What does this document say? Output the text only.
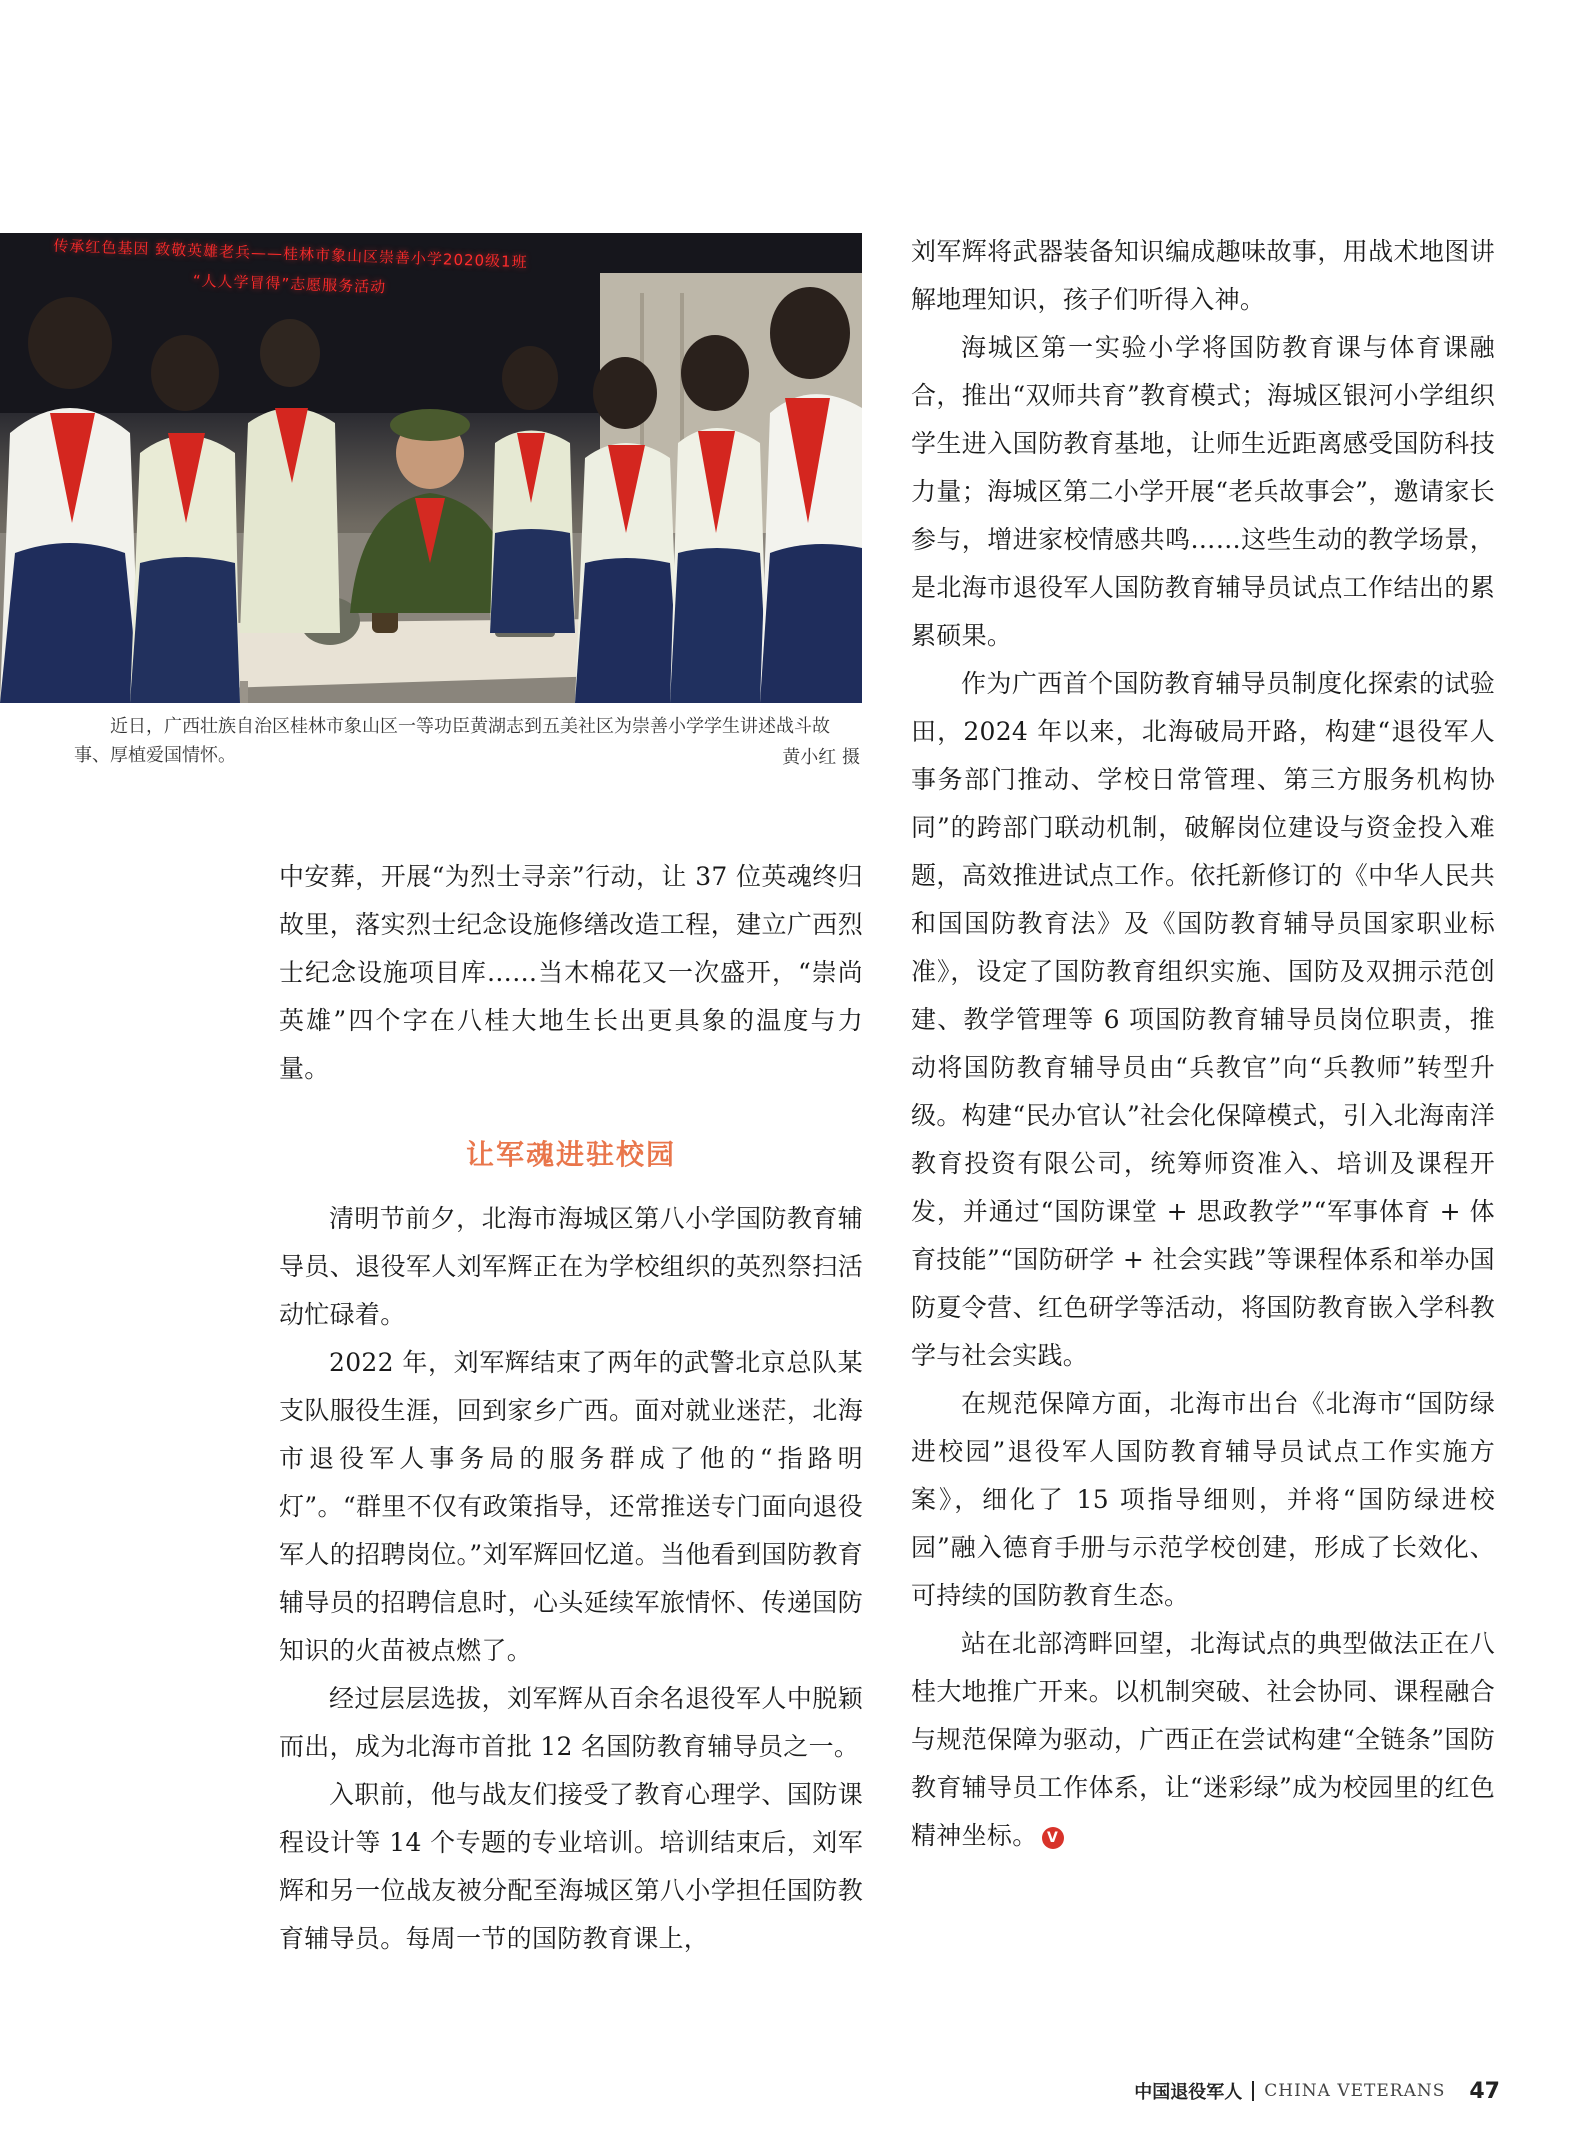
传承红色基因 致敬英雄老兵——桂林市象山区崇善小学2020级1班
“人人学冒得”志愿服务活动
近日，广西壮族自治区桂林市象山区一等功臣黄湖志到五美社区为崇善小学学生讲述战斗故事、厚植爱国情怀。	黄小红 摄

中安葬，开展“为烈士寻亲”行动，让 37 位英魂终归故里，落实烈士纪念设施修缮改造工程，建立广西烈士纪念设施项目库……当木棉花又一次盛开，“崇尚英雄”四个字在八桂大地生长出更具象的温度与力量。

让军魂进驻校园

清明节前夕，北海市海城区第八小学国防教育辅导员、退役军人刘军辉正在为学校组织的英烈祭扫活动忙碌着。

2022 年，刘军辉结束了两年的武警北京总队某支队服役生涯，回到家乡广西。面对就业迷茫，北海市退役军人事务局的服务群成了他的“指路明灯”。“群里不仅有政策指导，还常推送专门面向退役军人的招聘岗位。”刘军辉回忆道。当他看到国防教育辅导员的招聘信息时，心头延续军旅情怀、传递国防知识的火苗被点燃了。

经过层层选拔，刘军辉从百余名退役军人中脱颖而出，成为北海市首批 12 名国防教育辅导员之一。

入职前，他与战友们接受了教育心理学、国防课程设计等 14 个专题的专业培训。培训结束后，刘军辉和另一位战友被分配至海城区第八小学担任国防教育辅导员。每周一节的国防教育课上，

刘军辉将武器装备知识编成趣味故事，用战术地图讲解地理知识，孩子们听得入神。

海城区第一实验小学将国防教育课与体育课融合，推出“双师共育”教育模式；海城区银河小学组织学生进入国防教育基地，让师生近距离感受国防科技力量；海城区第二小学开展“老兵故事会”，邀请家长参与，增进家校情感共鸣……这些生动的教学场景，是北海市退役军人国防教育辅导员试点工作结出的累累硕果。

作为广西首个国防教育辅导员制度化探索的试验田，2024 年以来，北海破局开路，构建“退役军人事务部门推动、学校日常管理、第三方服务机构协同”的跨部门联动机制，破解岗位建设与资金投入难题，高效推进试点工作。依托新修订的《中华人民共和国国防教育法》及《国防教育辅导员国家职业标准》，设定了国防教育组织实施、国防及双拥示范创建、教学管理等 6 项国防教育辅导员岗位职责，推动将国防教育辅导员由“兵教官”向“兵教师”转型升级。构建“民办官认”社会化保障模式，引入北海南洋教育投资有限公司，统筹师资准入、培训及课程开发，并通过“国防课堂 + 思政教学”“军事体育 + 体育技能”“国防研学 + 社会实践”等课程体系和举办国防夏令营、红色研学等活动，将国防教育嵌入学科教学与社会实践。

在规范保障方面，北海市出台《北海市“国防绿进校园”退役军人国防教育辅导员试点工作实施方案》，细化了 15 项指导细则，并将“国防绿进校园”融入德育手册与示范学校创建，形成了长效化、可持续的国防教育生态。

站在北部湾畔回望，北海试点的典型做法正在八桂大地推广开来。以机制突破、社会协同、课程融合与规范保障为驱动，广西正在尝试构建“全链条”国防教育辅导员工作体系，让“迷彩绿”成为校园里的红色精神坐标。 V

中国退役军人 CHINA VETERANS 47
